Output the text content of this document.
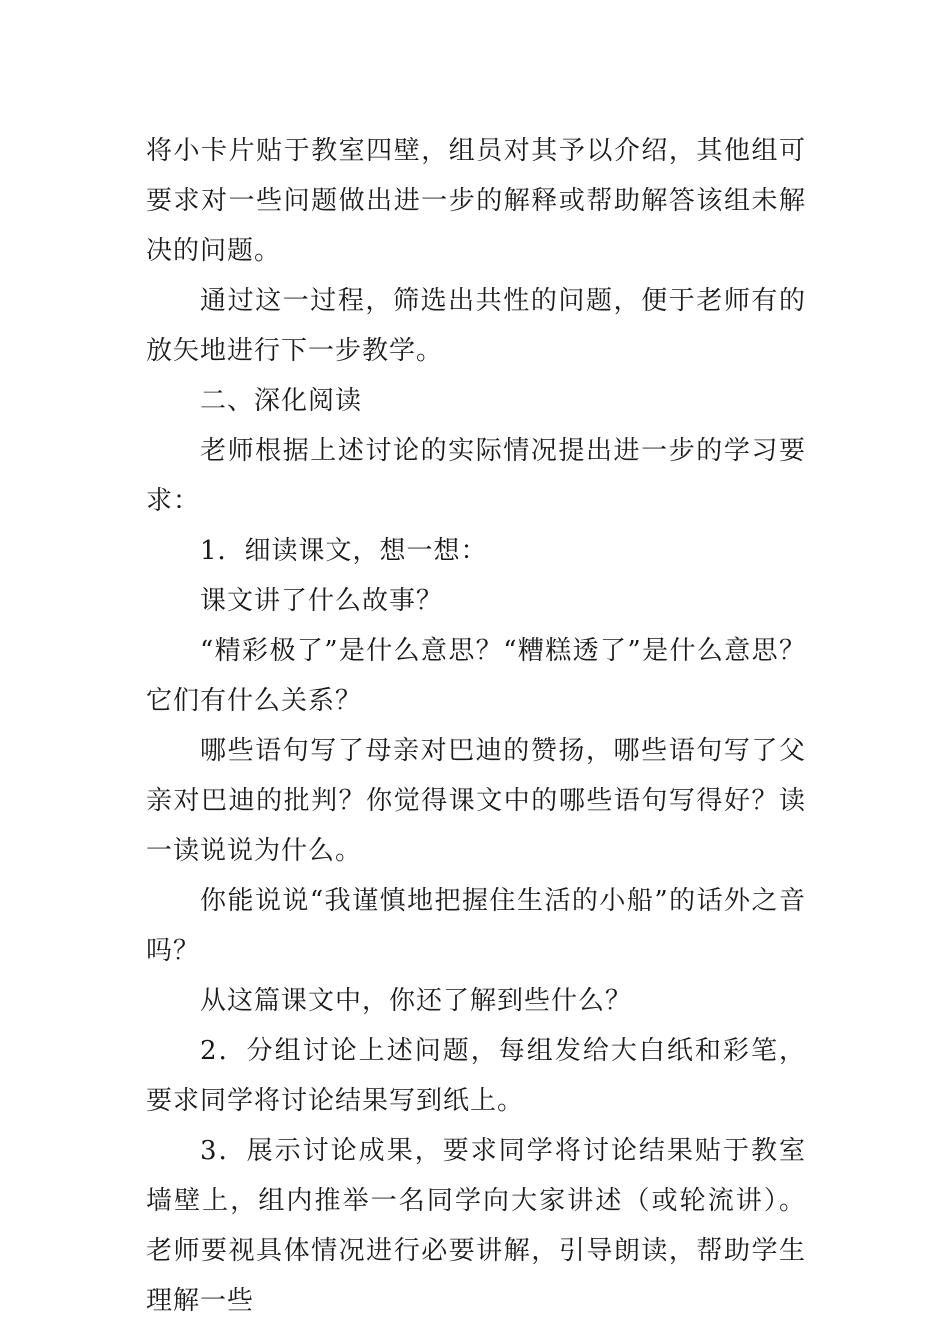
将小卡片贴于教室四壁，组员对其予以介绍，其他组可要求对一些问题做出进一步的解释或帮助解答该组未解决的问题。

通过这一过程，筛选出共性的问题，便于老师有的放矢地进行下一步教学。

二、深化阅读

老师根据上述讨论的实际情况提出进一步的学习要求：

1．细读课文，想一想：

课文讲了什么故事？

“精彩极了”是什么意思？“糟糕透了”是什么意思？它们有什么关系？

哪些语句写了母亲对巴迪的赞扬，哪些语句写了父亲对巴迪的批判？你觉得课文中的哪些语句写得好？读一读说说为什么。

你能说说“我谨慎地把握住生活的小船”的话外之音吗？

从这篇课文中，你还了解到些什么？

2．分组讨论上述问题，每组发给大白纸和彩笔，要求同学将讨论结果写到纸上。

3．展示讨论成果，要求同学将讨论结果贴于教室墙壁上，组内推举一名同学向大家讲述（或轮流讲）。老师要视具体情况进行必要讲解，引导朗读，帮助学生理解一些
